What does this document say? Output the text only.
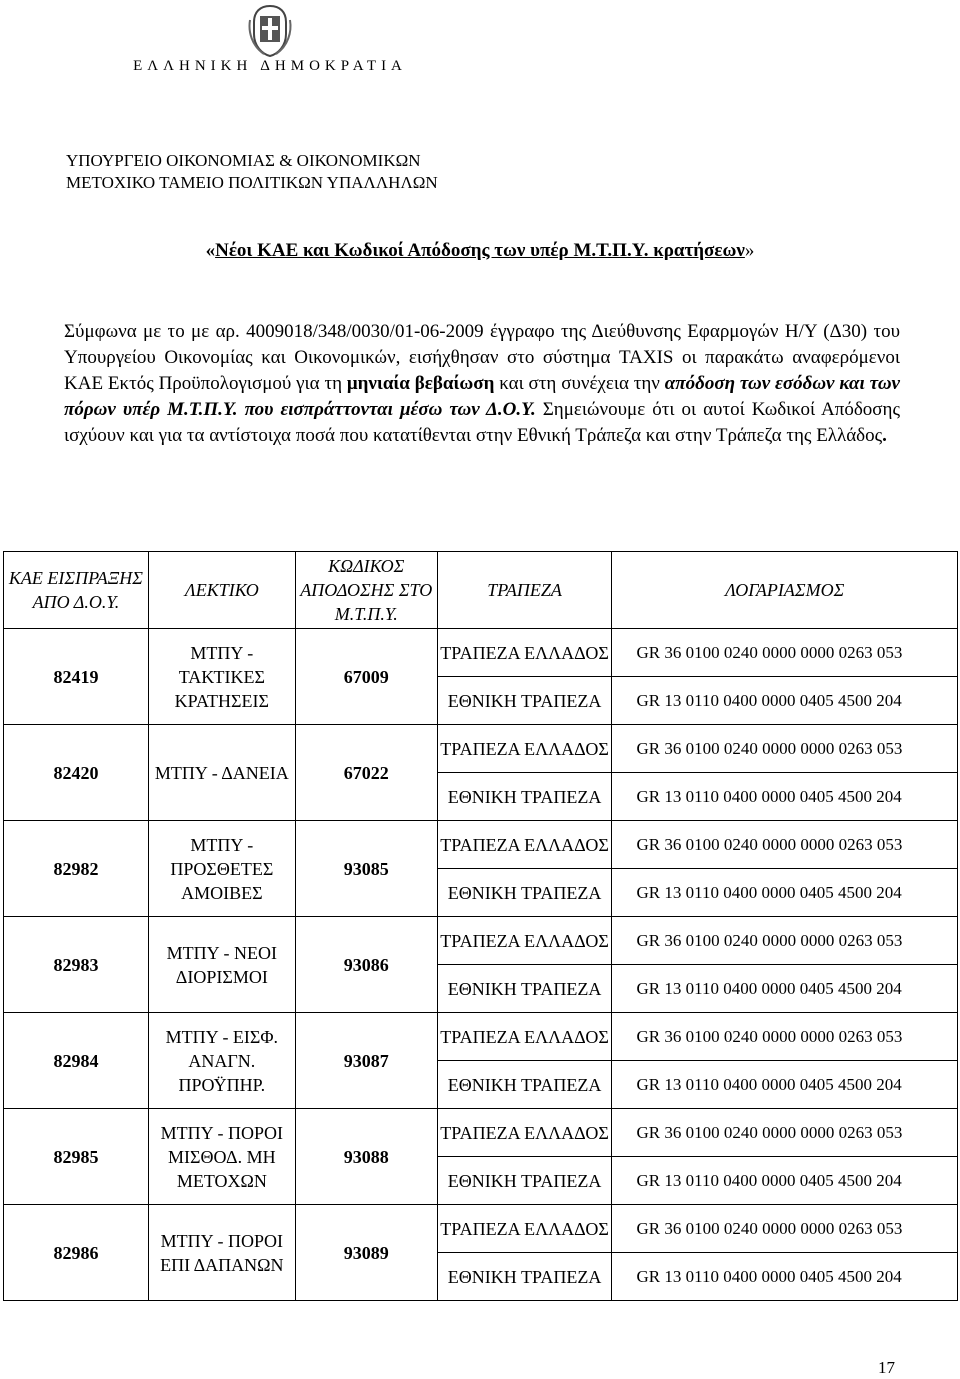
ΕΛΛΗΝΙΚΗ ΔΗΜΟΚΡΑΤΙΑ
ΥΠΟΥΡΓΕΙΟ ΟΙΚΟΝΟΜΙΑΣ & ΟΙΚΟΝΟΜΙΚΩΝ
ΜΕΤΟΧΙΚΟ ΤΑΜΕΙΟ ΠΟΛΙΤΙΚΩΝ ΥΠΑΛΛΗΛΩΝ
«Νέοι ΚΑΕ και Κωδικοί Απόδοσης των υπέρ Μ.Τ.Π.Υ. κρατήσεων»
Σύμφωνα με το με αρ. 4009018/348/0030/01-06-2009 έγγραφο της Διεύθυνσης Εφαρμογών Η/Υ (Δ30) του Υπουργείου Οικονομίας και Οικονομικών, εισήχθησαν στο σύστημα TAXIS οι παρακάτω αναφερόμενοι ΚΑΕ Εκτός Προϋπολογισμού για τη μηνιαία βεβαίωση και στη συνέχεια την απόδοση των εσόδων και των πόρων υπέρ Μ.Τ.Π.Υ. που εισπράττονται μέσω των Δ.Ο.Υ. Σημειώνουμε ότι οι αυτοί Κωδικοί Απόδοσης ισχύουν και για τα αντίστοιχα ποσά που κατατίθενται στην Εθνική Τράπεζα και στην Τράπεζα της Ελλάδος.
ΚΑΕ ΕΙΣΠΡΑΞΗΣ ΑΠΟ Δ.Ο.Υ.	ΛΕΚΤΙΚΟ	ΚΩΔΙΚΟΣ ΑΠΟΔΟΣΗΣ ΣΤΟ Μ.Τ.Π.Υ.	ΤΡΑΠΕΖΑ	ΛΟΓΑΡΙΑΣΜΟΣ
82419	ΜΤΠΥ - ΤΑΚΤΙΚΕΣ ΚΡΑΤΗΣΕΙΣ	67009	ΤΡΑΠΕΖΑ ΕΛΛΑΔΟΣ	GR 36 0100 0240 0000 0000 0263 053
			ΕΘΝΙΚΗ ΤΡΑΠΕΖΑ	GR 13 0110 0400 0000 0405 4500 204
82420	ΜΤΠΥ - ΔΑΝΕΙΑ	67022	ΤΡΑΠΕΖΑ ΕΛΛΑΔΟΣ	GR 36 0100 0240 0000 0000 0263 053
			ΕΘΝΙΚΗ ΤΡΑΠΕΖΑ	GR 13 0110 0400 0000 0405 4500 204
82982	ΜΤΠΥ - ΠΡΟΣΘΕΤΕΣ ΑΜΟΙΒΕΣ	93085	ΤΡΑΠΕΖΑ ΕΛΛΑΔΟΣ	GR 36 0100 0240 0000 0000 0263 053
			ΕΘΝΙΚΗ ΤΡΑΠΕΖΑ	GR 13 0110 0400 0000 0405 4500 204
82983	ΜΤΠΥ - ΝΕΟΙ ΔΙΟΡΙΣΜΟΙ	93086	ΤΡΑΠΕΖΑ ΕΛΛΑΔΟΣ	GR 36 0100 0240 0000 0000 0263 053
			ΕΘΝΙΚΗ ΤΡΑΠΕΖΑ	GR 13 0110 0400 0000 0405 4500 204
82984	ΜΤΠΥ - ΕΙΣΦ. ΑΝΑΓΝ. ΠΡΟΫΠΗΡ.	93087	ΤΡΑΠΕΖΑ ΕΛΛΑΔΟΣ	GR 36 0100 0240 0000 0000 0263 053
			ΕΘΝΙΚΗ ΤΡΑΠΕΖΑ	GR 13 0110 0400 0000 0405 4500 204
82985	ΜΤΠΥ - ΠΟΡΟΙ ΜΙΣΘΟΔ. ΜΗ ΜΕΤΟΧΩΝ	93088	ΤΡΑΠΕΖΑ ΕΛΛΑΔΟΣ	GR 36 0100 0240 0000 0000 0263 053
			ΕΘΝΙΚΗ ΤΡΑΠΕΖΑ	GR 13 0110 0400 0000 0405 4500 204
82986	ΜΤΠΥ - ΠΟΡΟΙ ΕΠΙ ΔΑΠΑΝΩΝ	93089	ΤΡΑΠΕΖΑ ΕΛΛΑΔΟΣ	GR 36 0100 0240 0000 0000 0263 053
			ΕΘΝΙΚΗ ΤΡΑΠΕΖΑ	GR 13 0110 0400 0000 0405 4500 204
17
